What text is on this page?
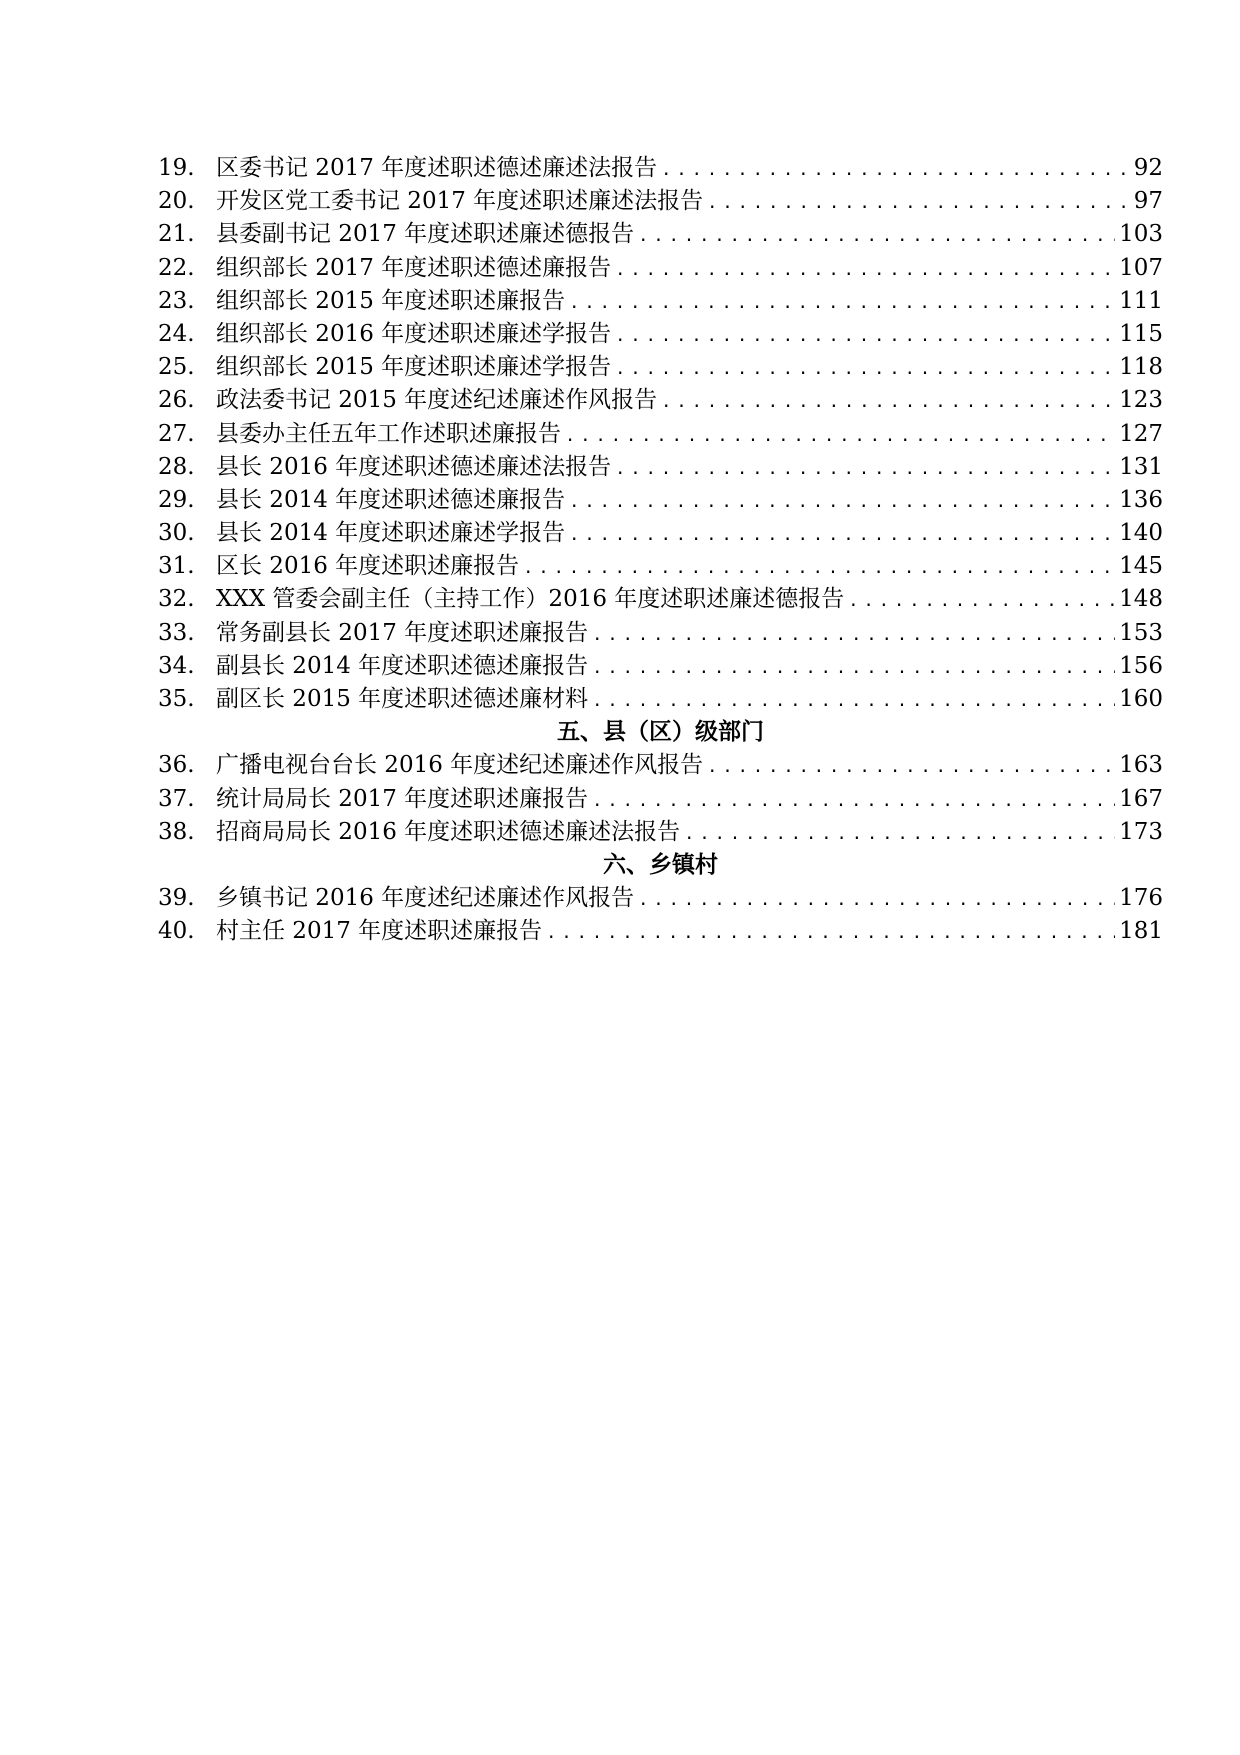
19. 区委书记 2017 年度述职述德述廉述法报告 .....	92
20. 开发区党工委书记 2017 年度述职述廉述法报告 .....	97
21. 县委副书记 2017 年度述职述廉述德报告 .....	103
22. 组织部长 2017 年度述职述德述廉报告 .....	107
23. 组织部长 2015 年度述职述廉报告 .....	111
24. 组织部长 2016 年度述职述廉述学报告 .....	115
25. 组织部长 2015 年度述职述廉述学报告 .....	118
26. 政法委书记 2015 年度述纪述廉述作风报告 .....	123
27. 县委办主任五年工作述职述廉报告 .....	127
28. 县长 2016 年度述职述德述廉述法报告 .....	131
29. 县长 2014 年度述职述德述廉报告 .....	136
30. 县长 2014 年度述职述廉述学报告 .....	140
31. 区长 2016 年度述职述廉报告 .....	145
32. XXX 管委会副主任（主持工作）2016 年度述职述廉述德报告 .....	148
33. 常务副县长 2017 年度述职述廉报告 .....	153
34. 副县长 2014 年度述职述德述廉报告 .....	156
35. 副区长 2015 年度述职述德述廉材料 .....	160
五、县（区）级部门
36. 广播电视台台长 2016 年度述纪述廉述作风报告 .....	163
37. 统计局局长 2017 年度述职述廉报告 .....	167
38. 招商局局长 2016 年度述职述德述廉述法报告 .....	173
六、乡镇村
39. 乡镇书记 2016 年度述纪述廉述作风报告 .....	176
40. 村主任 2017 年度述职述廉报告 .....	181
